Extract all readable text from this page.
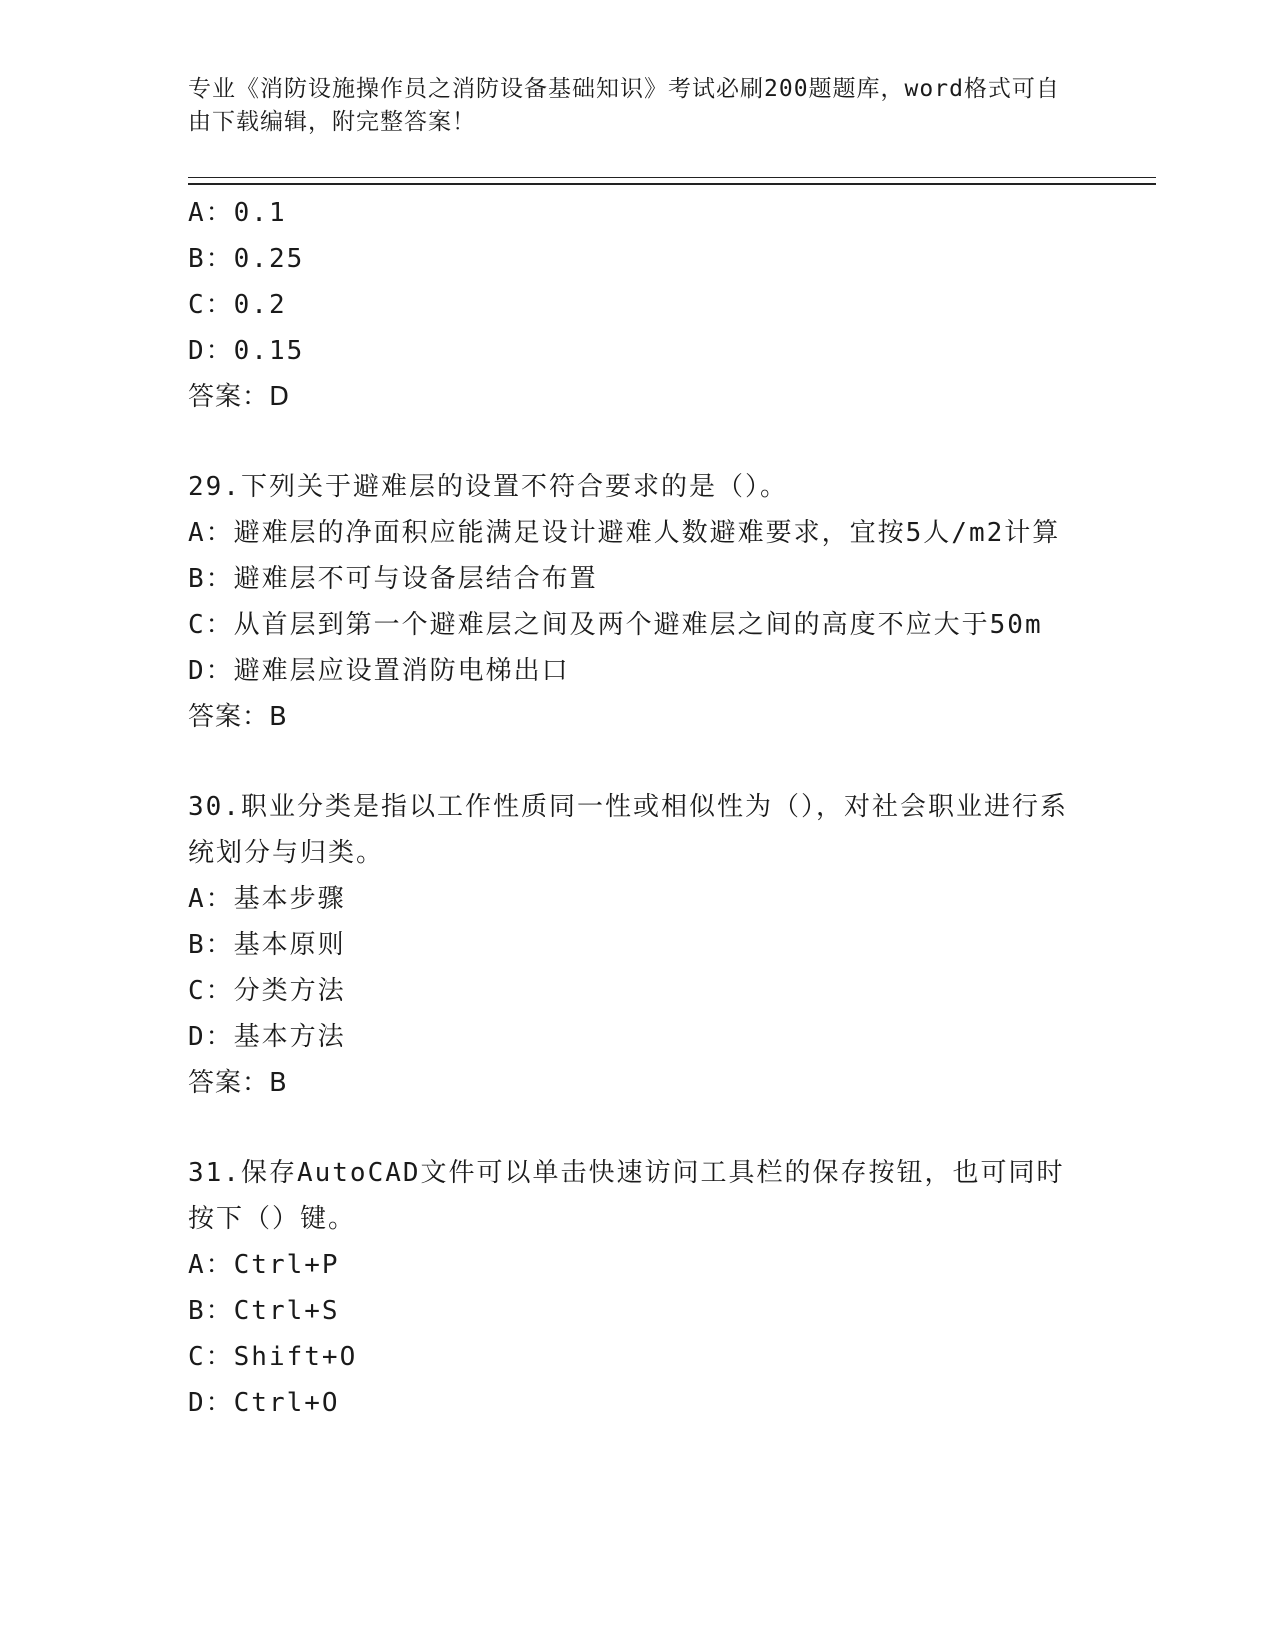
专业《消防设施操作员之消防设备基础知识》考试必刷200题题库，word格式可自由下载编辑，附完整答案！
A：0.1
B：0.25
C：0.2
D：0.15
答案：D
29.下列关于避难层的设置不符合要求的是（）。
A：避难层的净面积应能满足设计避难人数避难要求，宜按5人/m2计算
B：避难层不可与设备层结合布置
C：从首层到第一个避难层之间及两个避难层之间的高度不应大于50m
D：避难层应设置消防电梯出口
答案：B
30.职业分类是指以工作性质同一性或相似性为（），对社会职业进行系统划分与归类。
A：基本步骤
B：基本原则
C：分类方法
D：基本方法
答案：B
31.保存AutoCAD文件可以单击快速访问工具栏的保存按钮，也可同时按下（）键。
A：Ctrl+P
B：Ctrl+S
C：Shift+O
D：Ctrl+O
